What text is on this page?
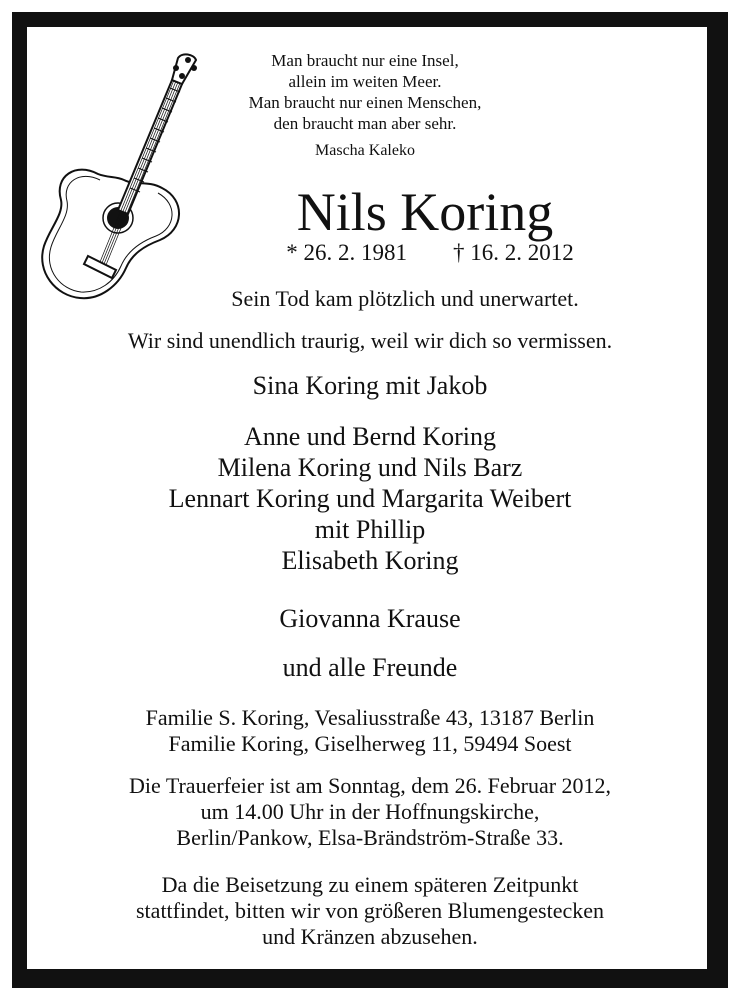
Man braucht nur eine Insel,
allein im weiten Meer.
Man braucht nur einen Menschen,
den braucht man aber sehr.
Mascha Kaleko
Nils Koring
* 26. 2. 1981 † 16. 2. 2012
Sein Tod kam plötzlich und unerwartet.
Wir sind unendlich traurig, weil wir dich so vermissen.
Sina Koring mit Jakob
Anne und Bernd Koring
Milena Koring und Nils Barz
Lennart Koring und Margarita Weibert
mit Phillip
Elisabeth Koring
Giovanna Krause
und alle Freunde
Familie S. Koring, Vesaliusstraße 43, 13187 Berlin
Familie Koring, Giselherweg 11, 59494 Soest
Die Trauerfeier ist am Sonntag, dem 26. Februar 2012,
um 14.00 Uhr in der Hoffnungskirche,
Berlin/Pankow, Elsa-Brändström-Straße 33.
Da die Beisetzung zu einem späteren Zeitpunkt
stattfindet, bitten wir von größeren Blumengestecken
und Kränzen abzusehen.
